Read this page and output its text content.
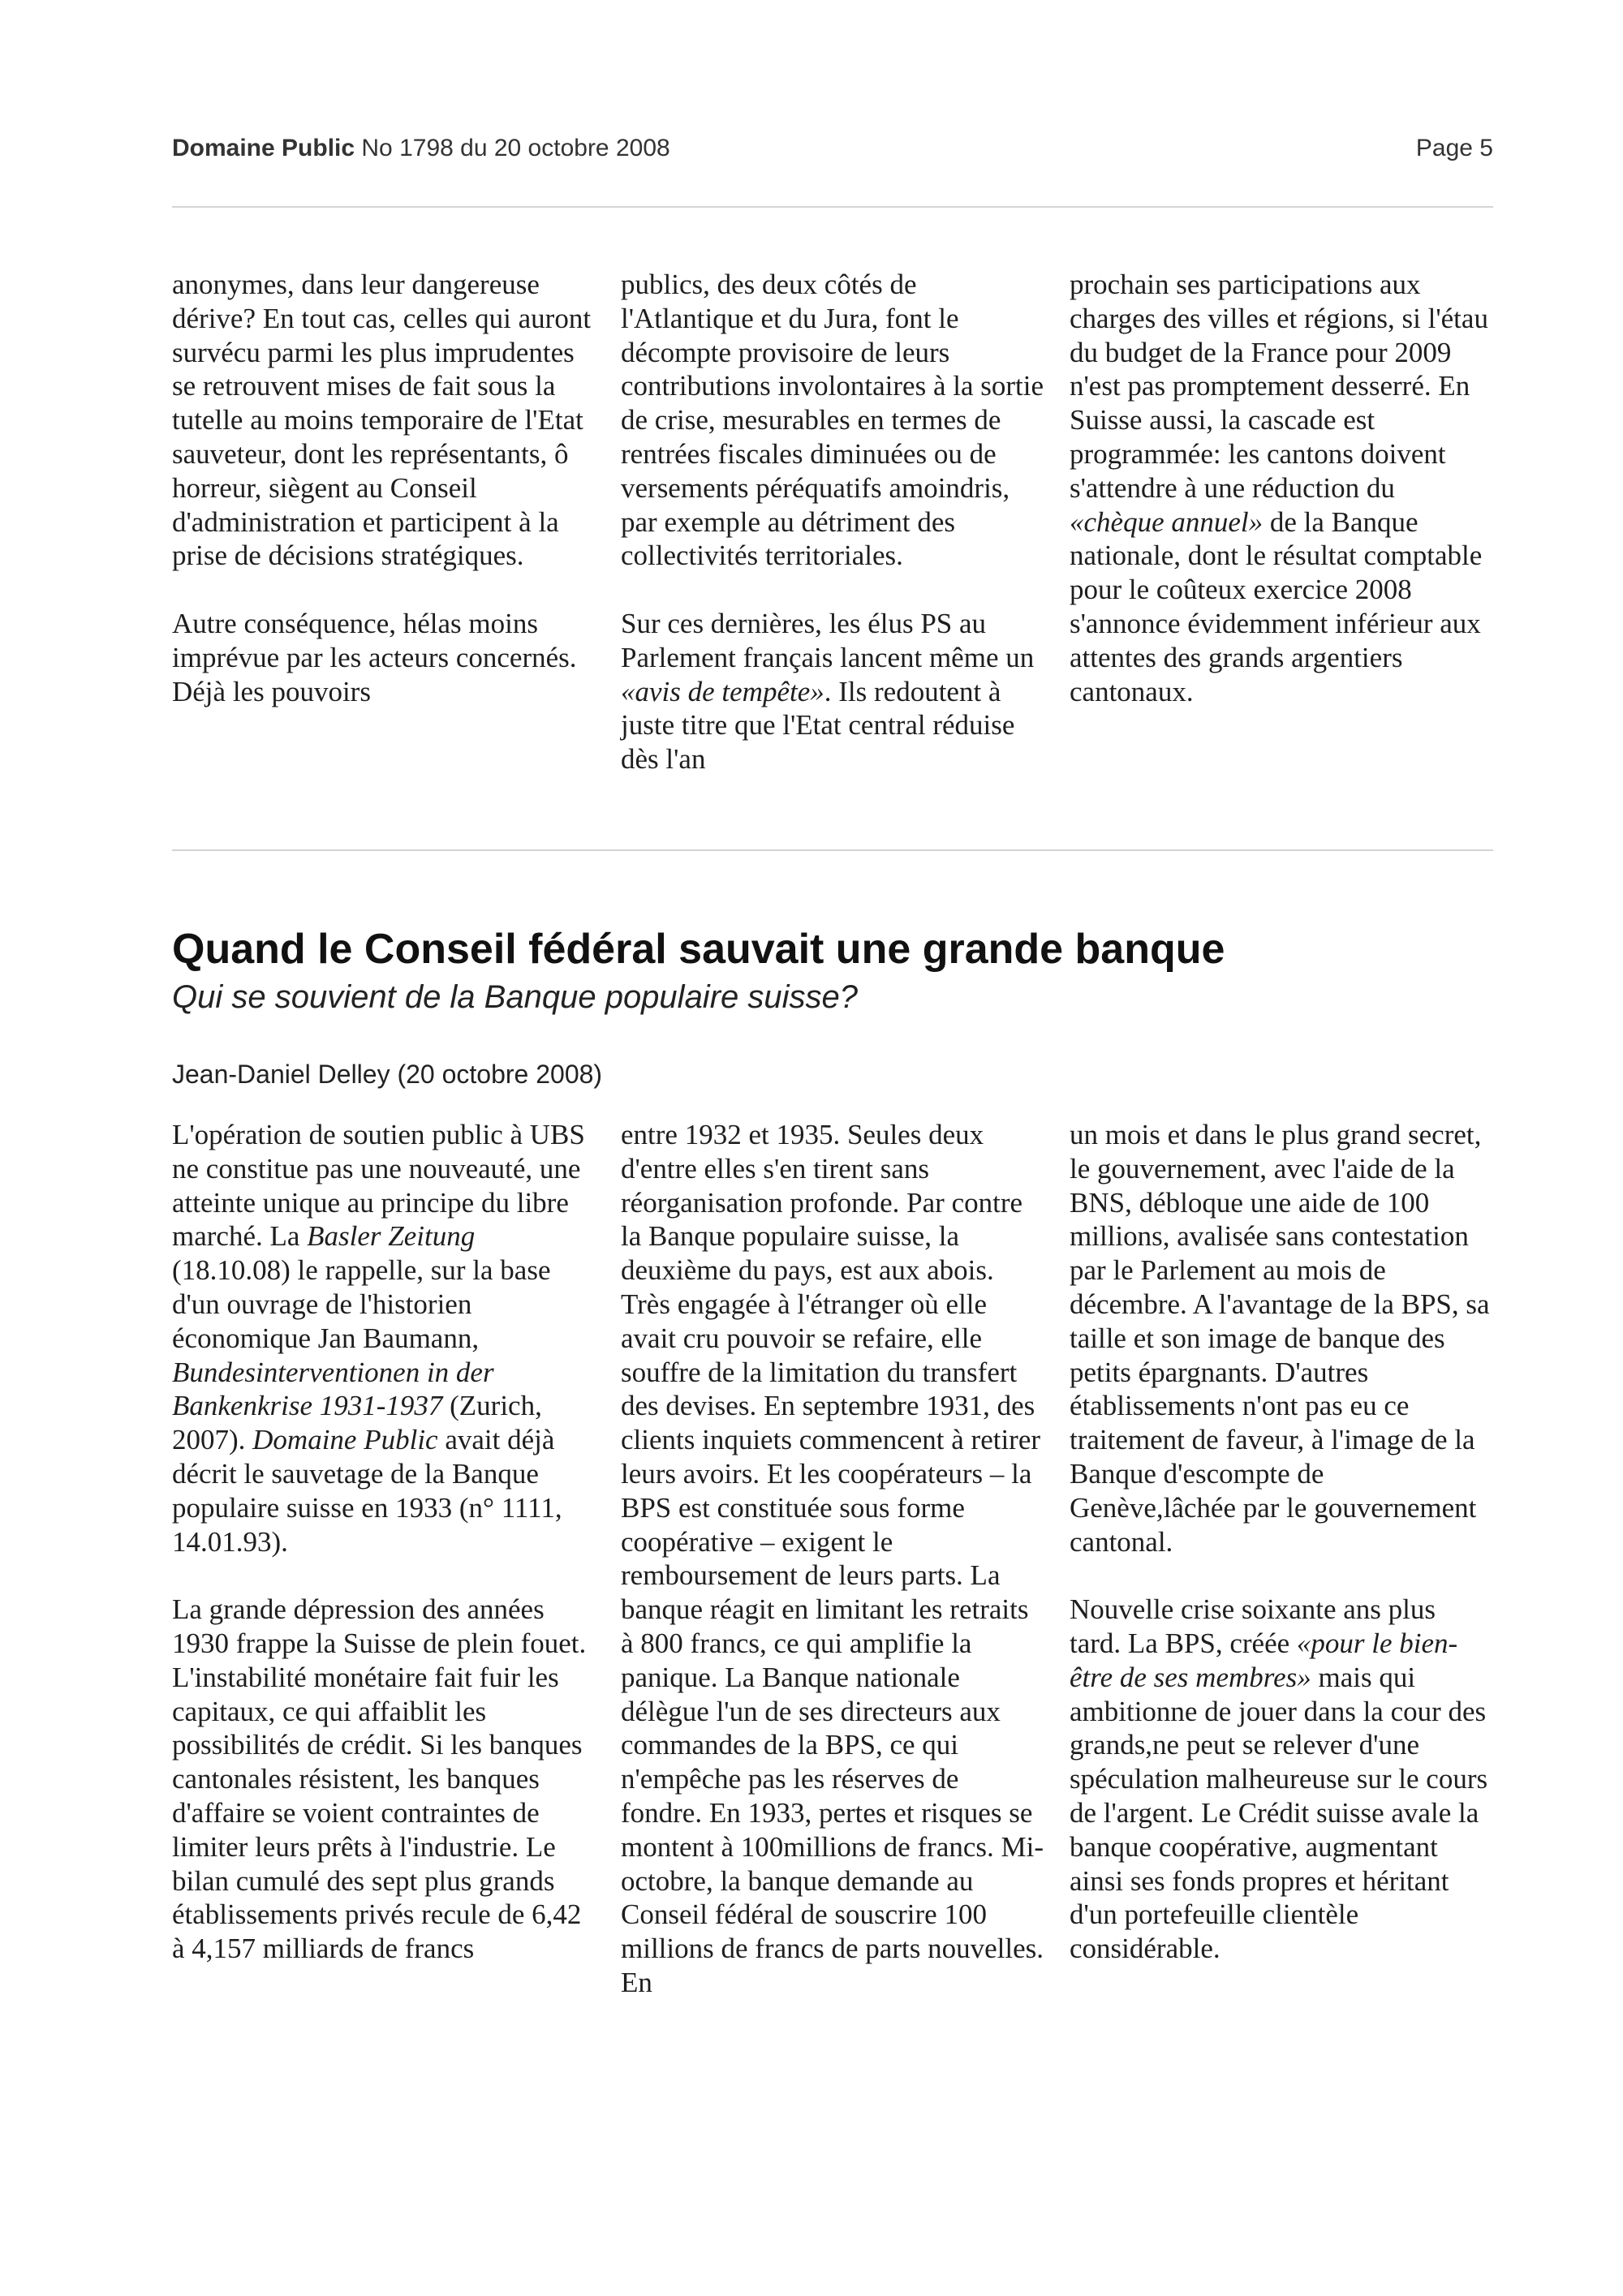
Domaine Public No 1798 du 20 octobre 2008	Page 5

anonymes, dans leur dangereuse dérive? En tout cas, celles qui auront survécu parmi les plus imprudentes se retrouvent mises de fait sous la tutelle au moins temporaire de l'Etat sauveteur, dont les représentants, ô horreur, siègent au Conseil d'administration et participent à la prise de décisions stratégiques.

Autre conséquence, hélas moins imprévue par les acteurs concernés. Déjà les pouvoirs

publics, des deux côtés de l'Atlantique et du Jura, font le décompte provisoire de leurs contributions involontaires à la sortie de crise, mesurables en termes de rentrées fiscales diminuées ou de versements péréquatifs amoindris, par exemple au détriment des collectivités territoriales.

Sur ces dernières, les élus PS au Parlement français lancent même un «avis de tempête». Ils redoutent à juste titre que l'Etat central réduise dès l'an

prochain ses participations aux charges des villes et régions, si l'étau du budget de la France pour 2009 n'est pas promptement desserré. En Suisse aussi, la cascade est programmée: les cantons doivent s'attendre à une réduction du «chèque annuel» de la Banque nationale, dont le résultat comptable pour le coûteux exercice 2008 s'annonce évidemment inférieur aux attentes des grands argentiers cantonaux.

Quand le Conseil fédéral sauvait une grande banque
Qui se souvient de la Banque populaire suisse?
Jean-Daniel Delley (20 octobre 2008)

L'opération de soutien public à UBS ne constitue pas une nouveauté, une atteinte unique au principe du libre marché. La Basler Zeitung (18.10.08) le rappelle, sur la base d'un ouvrage de l'historien économique Jan Baumann, Bundesinterventionen in der Bankenkrise 1931-1937 (Zurich, 2007). Domaine Public avait déjà décrit le sauvetage de la Banque populaire suisse en 1933 (n° 1111, 14.01.93).

La grande dépression des années 1930 frappe la Suisse de plein fouet. L'instabilité monétaire fait fuir les capitaux, ce qui affaiblit les possibilités de crédit. Si les banques cantonales résistent, les banques d'affaire se voient contraintes de limiter leurs prêts à l'industrie. Le bilan cumulé des sept plus grands établissements privés recule de 6,42 à 4,157 milliards de francs

entre 1932 et 1935. Seules deux d'entre elles s'en tirent sans réorganisation profonde. Par contre la Banque populaire suisse, la deuxième du pays, est aux abois. Très engagée à l'étranger où elle avait cru pouvoir se refaire, elle souffre de la limitation du transfert des devises. En septembre 1931, des clients inquiets commencent à retirer leurs avoirs. Et les coopérateurs – la BPS est constituée sous forme coopérative – exigent le remboursement de leurs parts. La banque réagit en limitant les retraits à 800 francs, ce qui amplifie la panique. La Banque nationale délègue l'un de ses directeurs aux commandes de la BPS, ce qui n'empêche pas les réserves de fondre. En 1933, pertes et risques se montent à 100millions de francs. Mi-octobre, la banque demande au Conseil fédéral de souscrire 100 millions de francs de parts nouvelles. En

un mois et dans le plus grand secret, le gouvernement, avec l'aide de la BNS, débloque une aide de 100 millions, avalisée sans contestation par le Parlement au mois de décembre. A l'avantage de la BPS, sa taille et son image de banque des petits épargnants. D'autres établissements n'ont pas eu ce traitement de faveur, à l'image de la Banque d'escompte de Genève,lâchée par le gouvernement cantonal.

Nouvelle crise soixante ans plus tard. La BPS, créée «pour le bien-être de ses membres» mais qui ambitionne de jouer dans la cour des grands,ne peut se relever d'une spéculation malheureuse sur le cours de l'argent. Le Crédit suisse avale la banque coopérative, augmentant ainsi ses fonds propres et héritant d'un portefeuille clientèle considérable.
